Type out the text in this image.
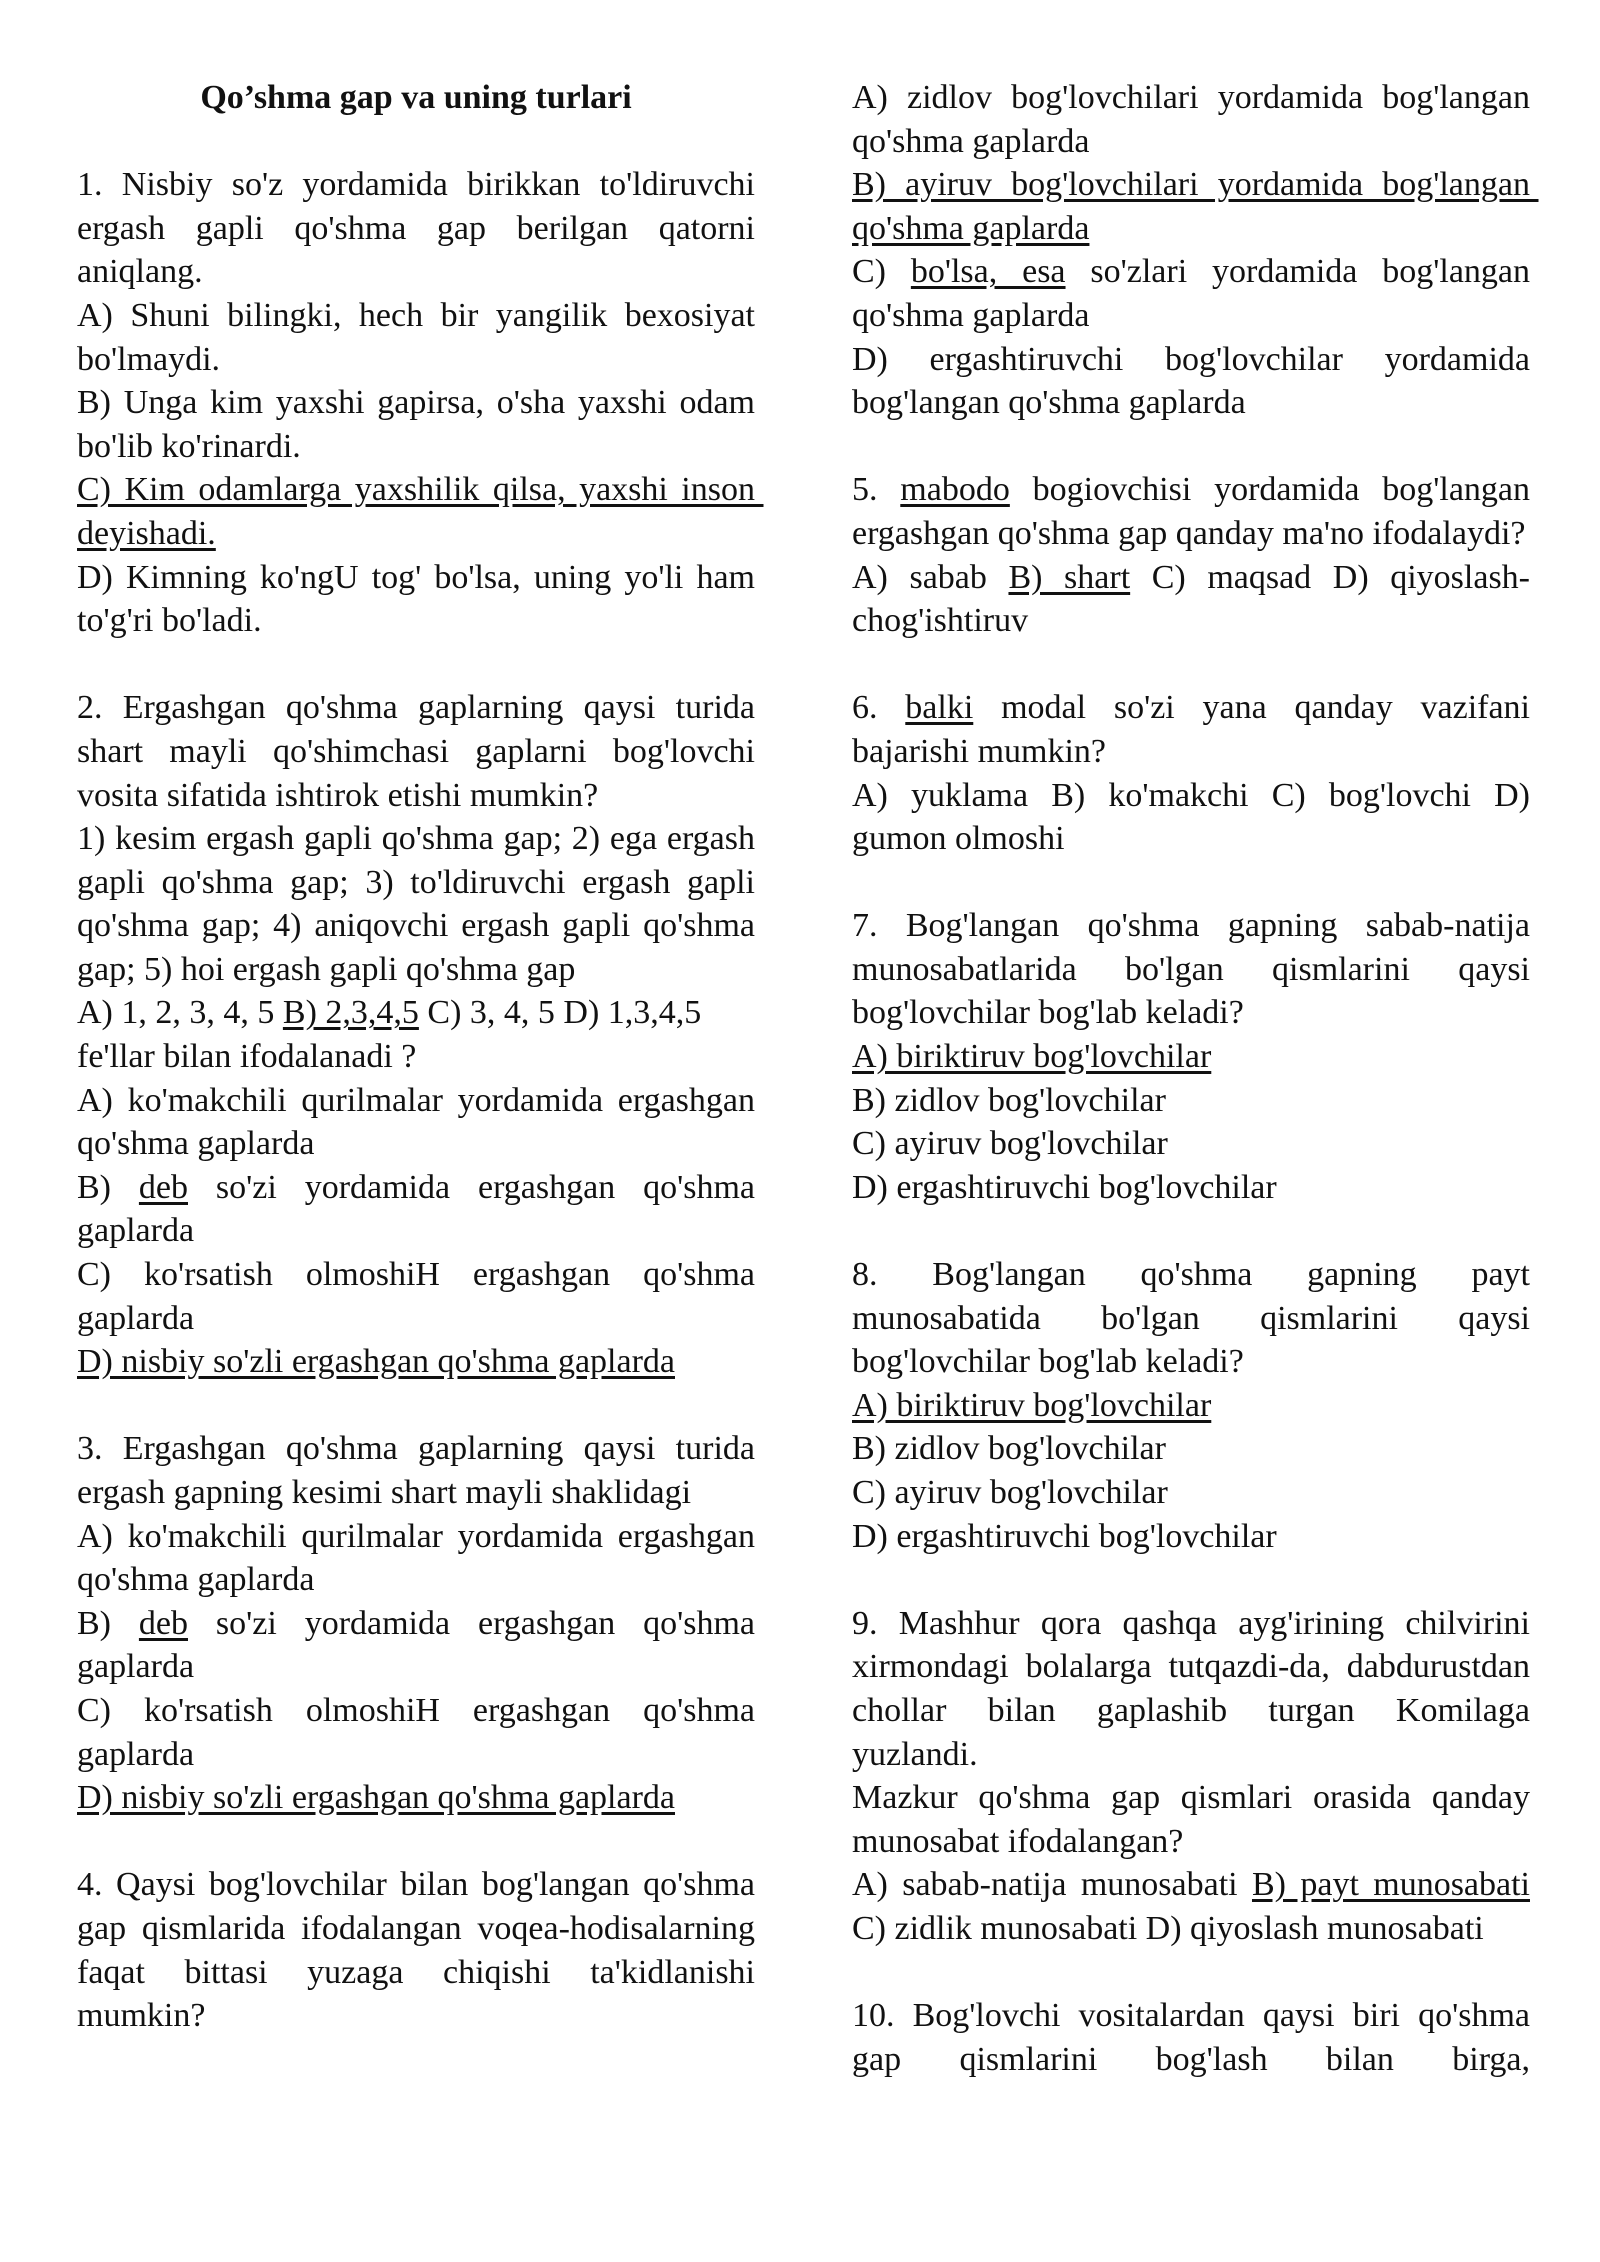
Qo’shma gap va uning turlari
1. Nisbiy so'z yordamida birikkan to'ldiruvchi ergash gapli qo'shma gap berilgan qatorni aniqlang.
A) Shuni bilingki, hech bir yangilik bexosiyat bo'lmaydi.
B) Unga kim yaxshi gapirsa, o'sha yaxshi odam bo'lib ko'rinardi.
C) Kim odamlarga yaxshilik qilsa, yaxshi inson deyishadi.
D) Kimning ko'ngU tog' bo'lsa, uning yo'li ham to'g'ri bo'ladi.
2. Ergashgan qo'shma gaplarning qaysi turida shart mayli qo'shimchasi gaplarni bog'lovchi vosita sifatida ishtirok etishi mumkin?
1) kesim ergash gapli qo'shma gap; 2) ega ergash gapli qo'shma gap; 3) to'ldiruvchi ergash gapli qo'shma gap; 4) aniqovchi ergash gapli qo'shma gap; 5) hoi ergash gapli qo'shma gap
A) 1, 2, 3, 4, 5 B) 2,3,4,5 C) 3, 4, 5 D) 1,3,4,5
fe'llar bilan ifodalanadi ?
A) ko'makchili qurilmalar yordamida ergashgan qo'shma gaplarda
B) deb so'zi yordamida ergashgan qo'shma gaplarda
C) ko'rsatish olmoshiH ergashgan qo'shma gaplarda
D) nisbiy so'zli ergashgan qo'shma gaplarda
3. Ergashgan qo'shma gaplarning qaysi turida ergash gapning kesimi shart mayli shaklidagi
A) ko'makchili qurilmalar yordamida ergashgan qo'shma gaplarda
B) deb so'zi yordamida ergashgan qo'shma gaplarda
C) ko'rsatish olmoshiH ergashgan qo'shma gaplarda
D) nisbiy so'zli ergashgan qo'shma gaplarda
4. Qaysi bog'lovchilar bilan bog'langan qo'shma gap qismlarida ifodalangan voqea-hodisalarning faqat bittasi yuzaga chiqishi ta'kidlanishi mumkin?
A) zidlov bog'lovchilari yordamida bog'langan qo'shma gaplarda
B) ayiruv bog'lovchilari yordamida bog'langan qo'shma gaplarda
C) bo'lsa, esa so'zlari yordamida bog'langan qo'shma gaplarda
D) ergashtiruvchi bog'lovchilar yordamida bog'langan qo'shma gaplarda
5. mabodo bogiovchisi yordamida bog'langan ergashgan qo'shma gap qanday ma'no ifodalaydi?
A) sabab B) shart C) maqsad D) qiyoslash-chog'ishtiruv
6. balki modal so'zi yana qanday vazifani bajarishi mumkin?
A) yuklama B) ko'makchi C) bog'lovchi D) gumon olmoshi
7. Bog'langan qo'shma gapning sabab-natija munosabatlarida bo'lgan qismlarini qaysi bog'lovchilar bog'lab keladi?
A) biriktiruv bog'lovchilar
B) zidlov bog'lovchilar
C) ayiruv bog'lovchilar
D) ergashtiruvchi bog'lovchilar
8. Bog'langan qo'shma gapning payt munosabatida bo'lgan qismlarini qaysi bog'lovchilar bog'lab keladi?
A) biriktiruv bog'lovchilar
B) zidlov bog'lovchilar
C) ayiruv bog'lovchilar
D) ergashtiruvchi bog'lovchilar
9. Mashhur qora qashqa ayg'irining chilvirini xirmondagi bolalarga tutqazdi-da, dabdurustdan chollar bilan gaplashib turgan Komilaga yuzlandi.
Mazkur qo'shma gap qismlari orasida qanday munosabat ifodalangan?
A) sabab-natija munosabati B) payt munosabati C) zidlik munosabati D) qiyoslash munosabati
10. Bog'lovchi vositalardan qaysi biri qo'shma gap qismlarini bog'lash bilan birga,
